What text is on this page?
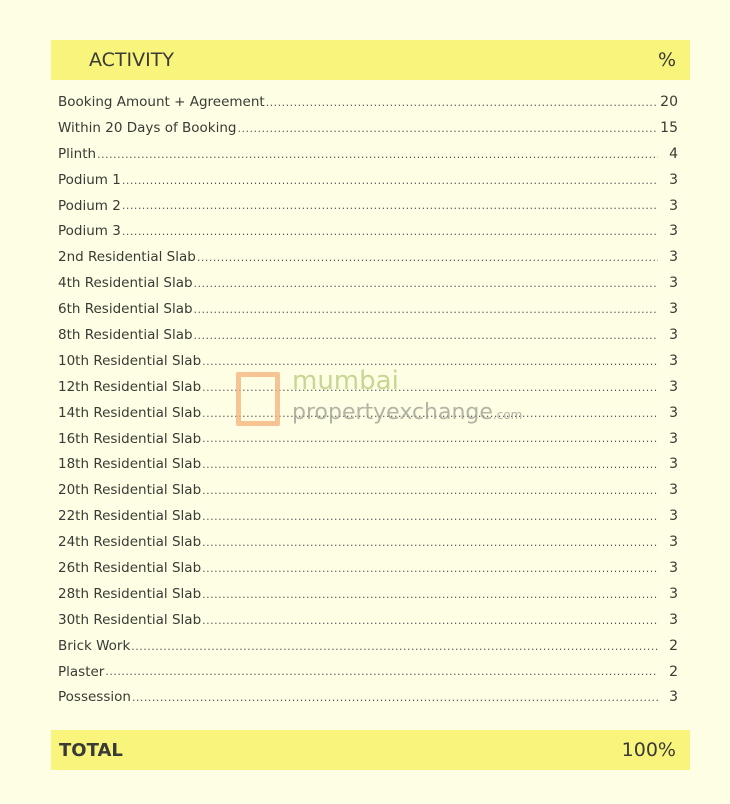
ACTIVITY	%
Booking Amount + Agreement .....	20
Within 20 Days of Booking .....	15
Plinth .....	4
Podium 1 .....	3
Podium 2 .....	3
Podium 3 .....	3
2nd Residential Slab .....	3
4th Residential Slab .....	3
6th Residential Slab .....	3
8th Residential Slab .....	3
10th Residential Slab .....	3
12th Residential Slab .....	3
14th Residential Slab .....	3
16th Residential Slab .....	3
18th Residential Slab .....	3
20th Residential Slab .....	3
22th Residential Slab .....	3
24th Residential Slab .....	3
26th Residential Slab .....	3
28th Residential Slab .....	3
30th Residential Slab .....	3
Brick Work .....	2
Plaster .....	2
Possession .....	3
TOTAL	100%
mumbai
propertyexchange.com
